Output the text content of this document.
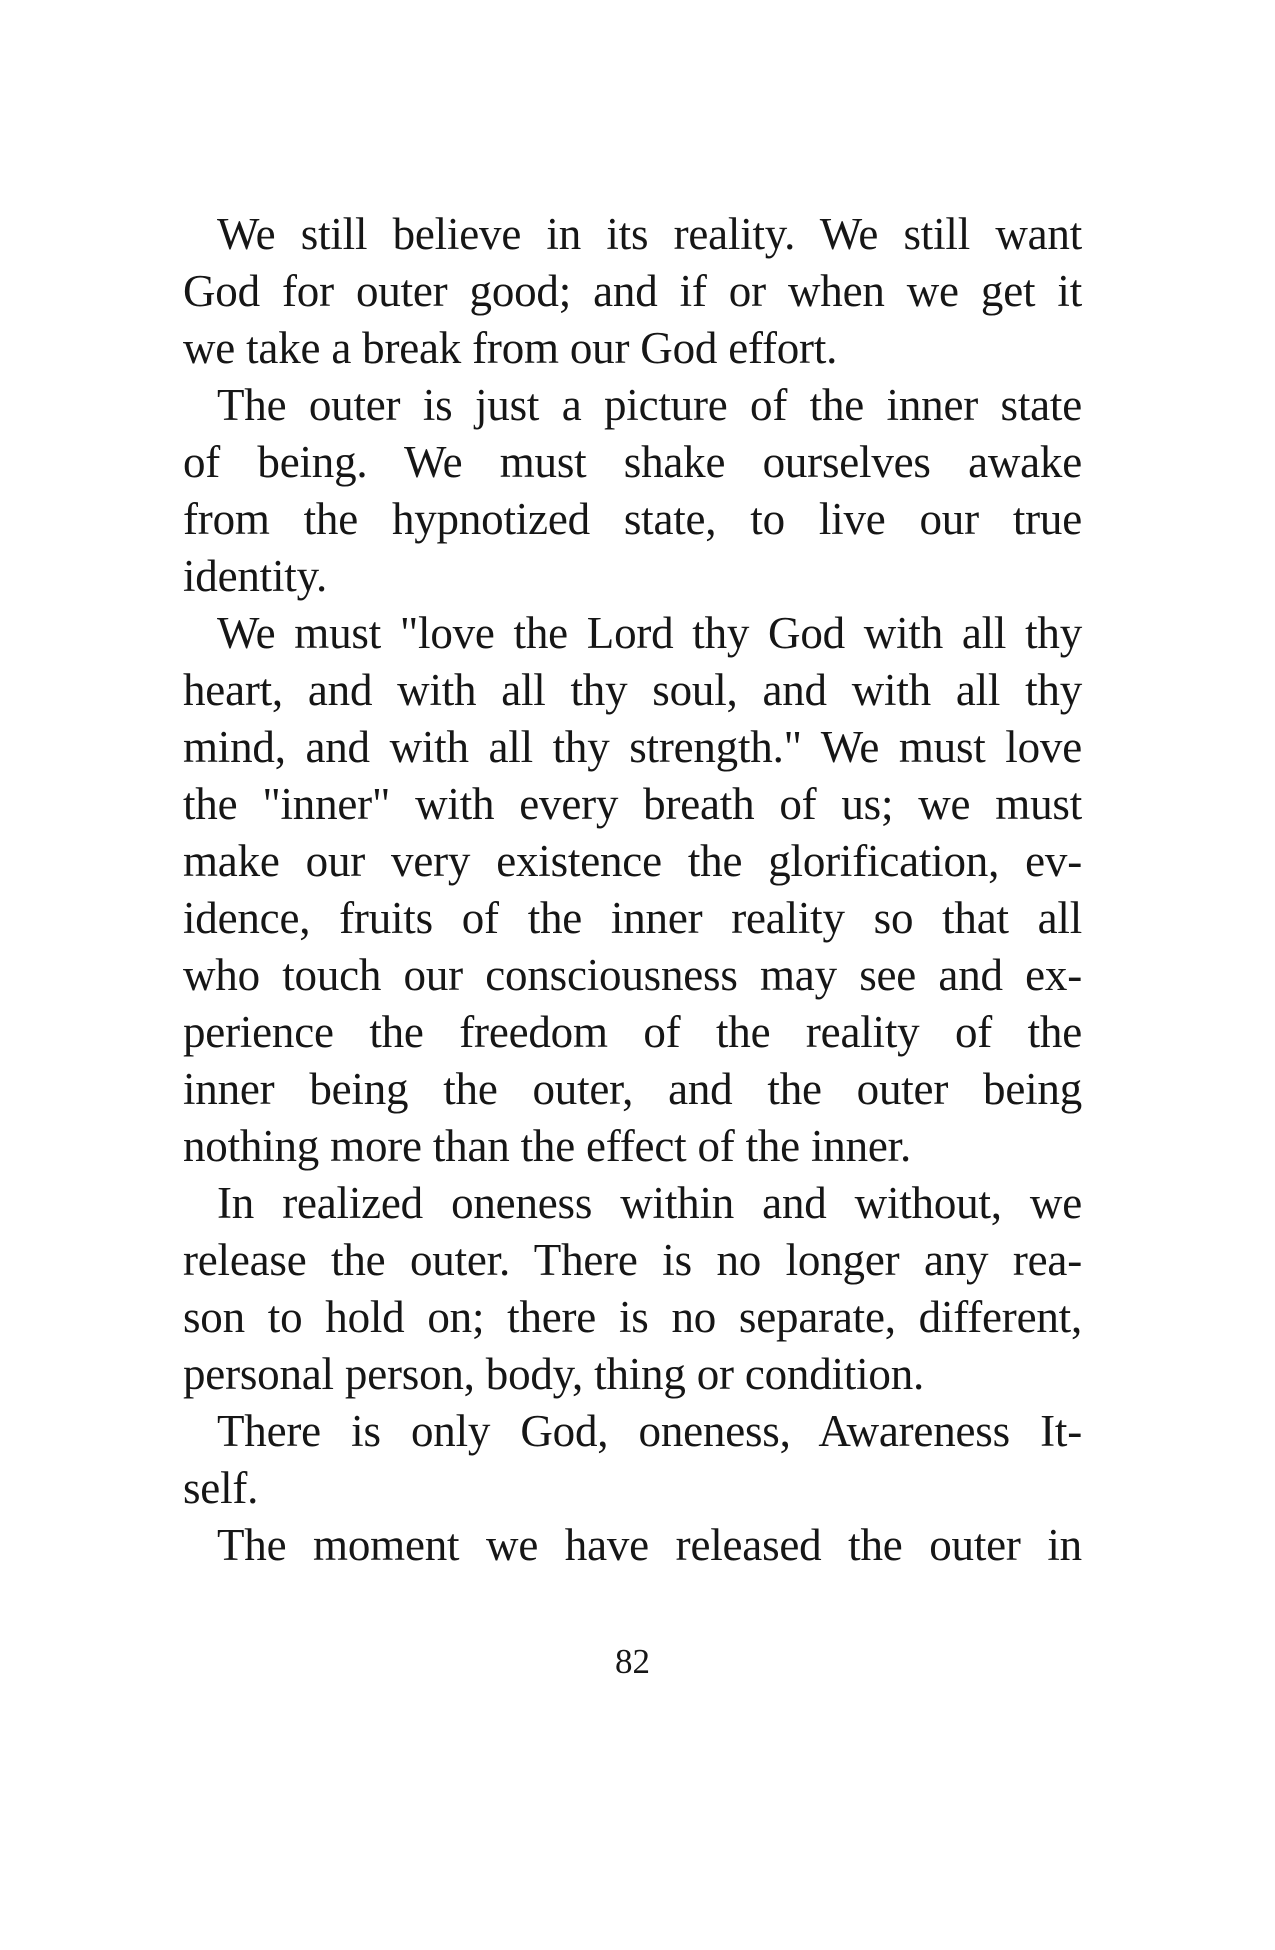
We still believe in its reality. We still want
God for outer good; and if or when we get it
we take a break from our God effort.

The outer is just a picture of the inner state
of being. We must shake ourselves awake
from the hypnotized state, to live our true
identity.

We must "love the Lord thy God with all thy
heart, and with all thy soul, and with all thy
mind, and with all thy strength." We must love
the "inner" with every breath of us; we must
make our very existence the glorification, ev-
idence, fruits of the inner reality so that all
who touch our consciousness may see and ex-
perience the freedom of the reality of the
inner being the outer, and the outer being
nothing more than the effect of the inner.

In realized oneness within and without, we
release the outer. There is no longer any rea-
son to hold on; there is no separate, different,
personal person, body, thing or condition.

There is only God, oneness, Awareness It-
self.

The moment we have released the outer in

82
